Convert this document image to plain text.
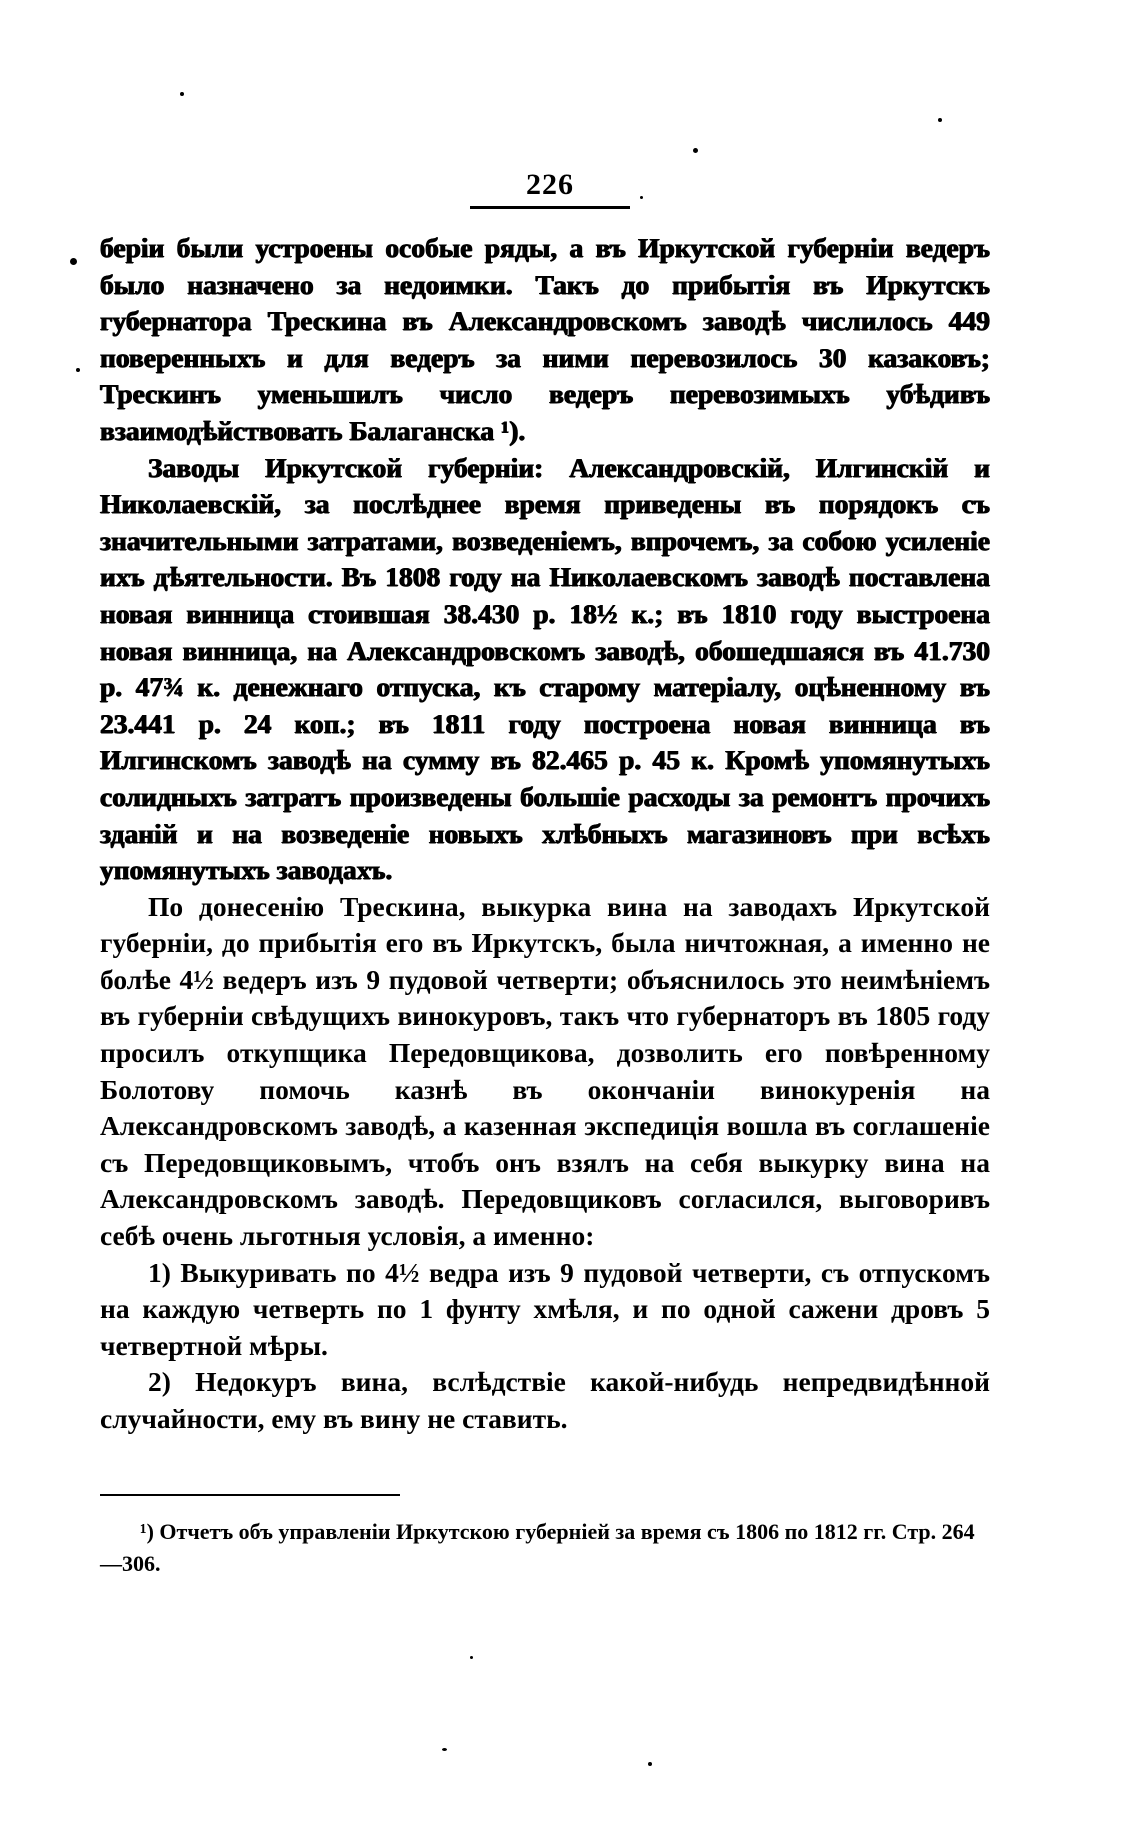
226

беріи были устроены особые ряды, а въ Иркутской губерніи ведеръ было назначено за недоимки. Такъ до прибытія въ Иркутскъ губернатора Трескина въ Александровскомъ заводѣ числилось 449 поверенныхъ и для ведеръ за ними перевозилось 30 казаковъ; Трескинъ уменьшилъ число ведеръ перевозимыхъ убѣдивъ взаимодѣйствовать Балаганска ¹).

Заводы Иркутской губерніи: Александровскій, Илгинскій и Николаевскій, за послѣднее время приведены въ порядокъ съ значительными затратами, возведеніемъ, впрочемъ, за собою усиленіе ихъ дѣятельности. Въ 1808 году на Николаевскомъ заводѣ поставлена новая винница стоившая 38.430 р. 18½ к.; въ 1810 году выстроена новая винница, на Александровскомъ заводѣ, обошедшаяся въ 41.730 р. 47¾ к. денежнаго отпуска, къ старому матеріалу, оцѣненному въ 23.441 р. 24 коп.; въ 1811 году построена новая винница въ Илгинскомъ заводѣ на сумму въ 82.465 р. 45 к. Кромѣ упомянутыхъ солидныхъ затратъ произведены большіе расходы за ремонтъ прочихъ зданій и на возведеніе новыхъ хлѣбныхъ магазиновъ при всѣхъ упомянутыхъ заводахъ.

По донесенію Трескина, выкурка вина на заводахъ Иркутской губерніи, до прибытія его въ Иркутскъ, была ничтожная, а именно не болѣе 4½ ведеръ изъ 9 пудовой четверти; объяснилось это неимѣніемъ въ губерніи свѣдущихъ винокуровъ, такъ что губернаторъ въ 1805 году просилъ откупщика Передовщикова, дозволить его повѣренному Болотову помочь казнѣ въ окончаніи винокуренія на Александровскомъ заводѣ, а казенная экспедиція вошла въ соглашеніе съ Передовщиковымъ, чтобъ онъ взялъ на себя выкурку вина на Александровскомъ заводѣ. Передовщиковъ согласился, выговоривъ себѣ очень льготныя условія, а именно:

1) Выкуривать по 4½ ведра изъ 9 пудовой четверти, съ отпускомъ на каждую четверть по 1 фунту хмѣля, и по одной сажени дровъ 5 четвертной мѣры.

2) Недокуръ вина, вслѣдствіе какой-нибудь непредвидѣнной случайности, ему въ вину не ставить.

¹) Отчетъ объ управленіи Иркутскою губерніей за время съ 1806 по 1812 гг. Стр. 264—306.
